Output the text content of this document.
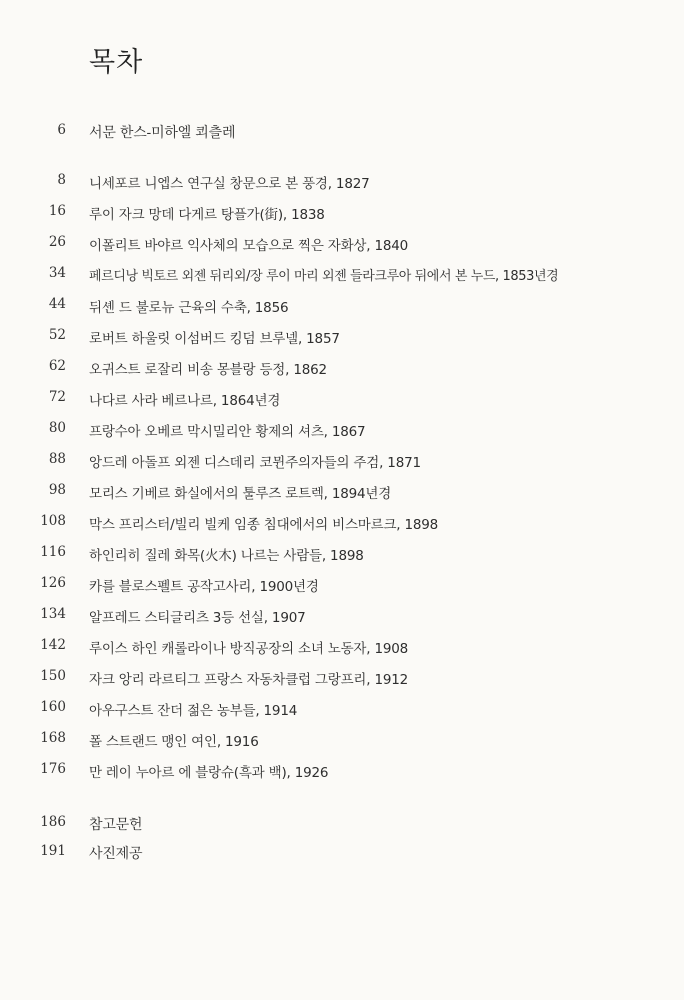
목차
6 서문 한스-미하엘 쾨츨레
8 니세포르 니엡스 연구실 창문으로 본 풍경, 1827
16 루이 자크 망데 다게르 탕플가(街), 1838
26 이폴리트 바야르 익사체의 모습으로 찍은 자화상, 1840
34 페르디낭 빅토르 외젠 뒤리외/장 루이 마리 외젠 들라크루아 뒤에서 본 누드, 1853년경
44 뒤셴 드 불로뉴 근육의 수축, 1856
52 로버트 하울릿 이섬버드 킹덤 브루넬, 1857
62 오귀스트 로잘리 비송 몽블랑 등정, 1862
72 나다르 사라 베르나르, 1864년경
80 프랑수아 오베르 막시밀리안 황제의 셔츠, 1867
88 앙드레 아돌프 외젠 디스데리 코뮌주의자들의 주검, 1871
98 모리스 기베르 화실에서의 툴루즈 로트렉, 1894년경
108 막스 프리스터/빌리 빌케 임종 침대에서의 비스마르크, 1898
116 하인리히 질레 화목(火木) 나르는 사람들, 1898
126 카를 블로스펠트 공작고사리, 1900년경
134 알프레드 스티글리츠 3등 선실, 1907
142 루이스 하인 캐롤라이나 방직공장의 소녀 노동자, 1908
150 자크 앙리 라르티그 프랑스 자동차클럽 그랑프리, 1912
160 아우구스트 잔더 젊은 농부들, 1914
168 폴 스트랜드 맹인 여인, 1916
176 만 레이 누아르 에 블랑슈(흑과 백), 1926
186 참고문헌
191 사진제공
